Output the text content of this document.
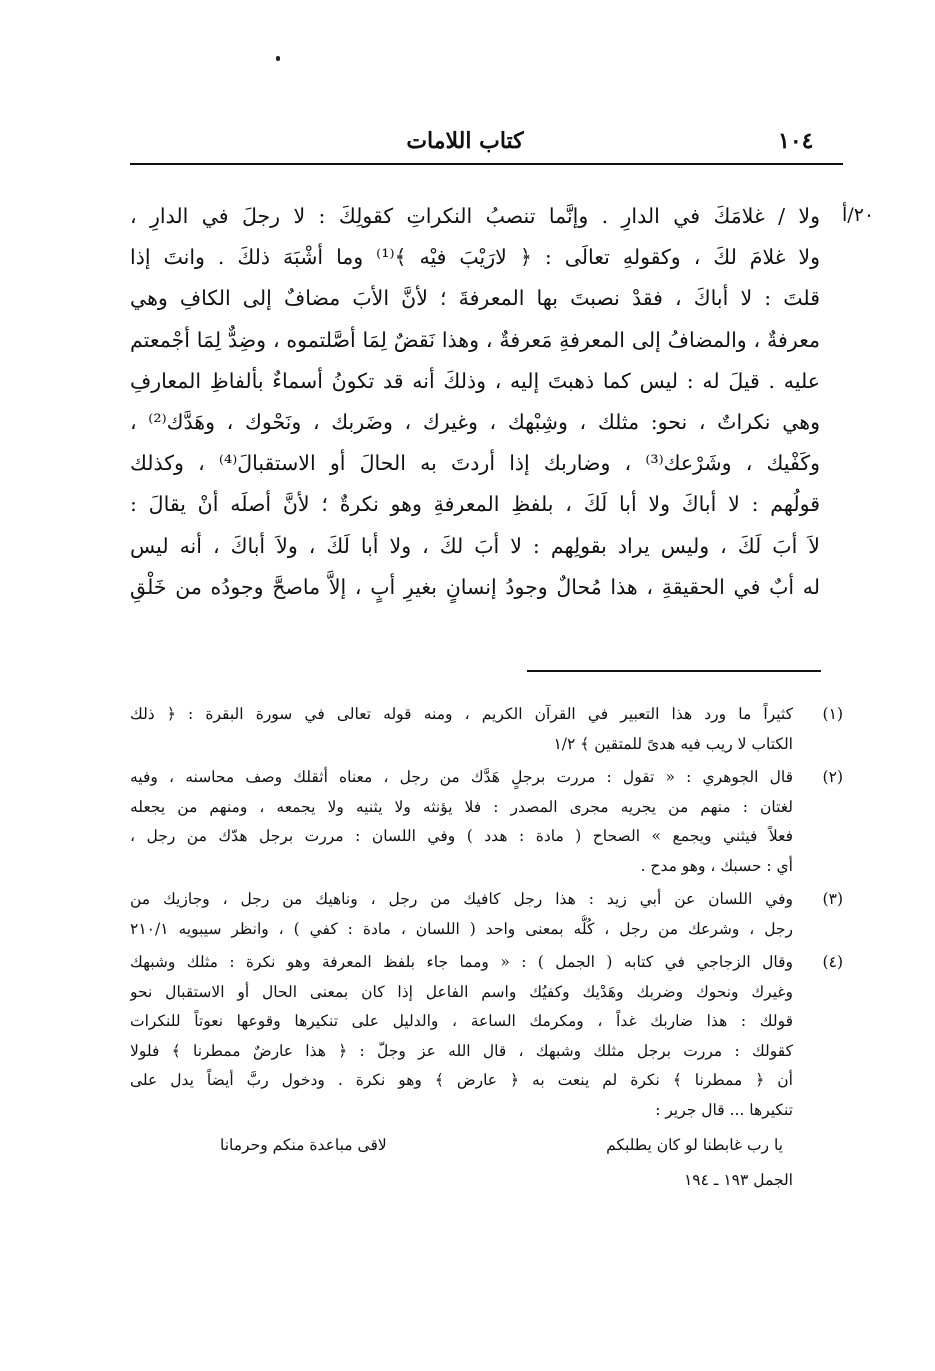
كتاب اللامات	١٠٤
٢٠/أ
ولا / غلامَكَ في الدارِ . وإنَّما تنصبُ النكراتِ كقولِكَ : لا رجلَ في الدارِ ،
ولا غلامَ لكَ ، وكقولهِ تعالَى : ﴿ لارَيْبَ فيْه ﴾⁽¹⁾ وما أشْبَهَ ذلكَ . وانتَ إذا
قلتَ : لا أباكَ ، فقدْ نصبتَ بها المعرفةَ ؛ لأنَّ الأبَ مضافٌ إلى الكافِ وهي
معرفةٌ ، والمضافُ إلى المعرفةِ مَعرفةٌ ، وهذا نَقضٌ لِمَا أصَّلتموه ، وضِدٌّ لِمَا أجْمعتم
عليه . قيلَ له : ليس كما ذهبتَ إليه ، وذلكَ أنه قد تكونُ أسماءٌ بألفاظِ المعارفِ
وهي نكراتٌ ، نحو: مثلك ، وشِبْهك ، وغيرك ، وضَربك ، ونَحْوك ، وهَدَّك⁽²⁾ ،
وكَفْيك ، وشَرْعك⁽³⁾ ، وضاربك إذا أردتَ به الحالَ أو الاستقبالَ⁽⁴⁾ ، وكذلك
قولُهم : لا أباكَ ولا أبا لَكَ ، بلفظِ المعرفةِ وهو نكرةٌ ؛ لأنَّ أصلَه أنْ يقالَ :
لاَ أبَ لَكَ ، وليس يراد بقولِهم : لا أبَ لكَ ، ولا أبا لَكَ ، ولاَ أباكَ ، أنه ليس
له أبٌ في الحقيقةِ ، هذا مُحالٌ وجودُ إنسانٍ بغيرِ أبٍ ، إلاَّ ماصحَّ وجودُه من خَلْقِ
(١)
كثيراً ما ورد هذا التعبير في القرآن الكريم ، ومنه قوله تعالى في سورة البقرة : ﴿ ذلك
الكتاب لا ريب فيه هدىً للمتقين ﴾ ١/٢
(٢)
قال الجوهري : « تقول : مررت برجلٍ هَدَّك من رجل ، معناه أثقلك وصف محاسنه ، وفيه
لغتان : منهم من يجريه مجرى المصدر : فلا يؤنثه ولا يثنيه ولا يجمعه ، ومنهم من يجعله
فعلاً فيثني ويجمع » الصحاح ( مادة : هدد ) وفي اللسان : مررت برجل هدّك من رجل ،
أي : حسبك ، وهو مدح .
(٣)
وفي اللسان عن أبي زيد : هذا رجل كافيك من رجل ، وناهيك من رجل ، وجازيك من
رجل ، وشرعك من رجل ، كُلُّه بمعنى واحد ( اللسان ، مادة : كفي ) ، وانظر سيبويه ٢١٠/١
(٤)
وقال الزجاجي في كتابه ( الجمل ) : « ومما جاء بلفظ المعرفة وهو نكرة : مثلك وشبهك
وغيرك ونحوك وضربك وهَدْيك وكفيُك واسم الفاعل إذا كان بمعنى الحال أو الاستقبال نحو
قولك : هذا ضاربك غداً ، ومكرمك الساعة ، والدليل على تنكيرها وقوعها نعوتاً للنكرات
كقولك : مررت برجل مثلك وشبهك ، قال الله عز وجلّ : ﴿ هذا عارضٌ ممطرنا ﴾ فلولا
أن ﴿ ممطرنا ﴾ نكرة لم ينعت به ﴿ عارض ﴾ وهو نكرة . ودخول ربَّ أيضاً يدل على
تنكيرها ... قال جرير :
يا رب غابطنا لو كان يطلبكم
لاقى مباعدة منكم وحرمانا
الجمل ١٩٣ ـ ١٩٤
